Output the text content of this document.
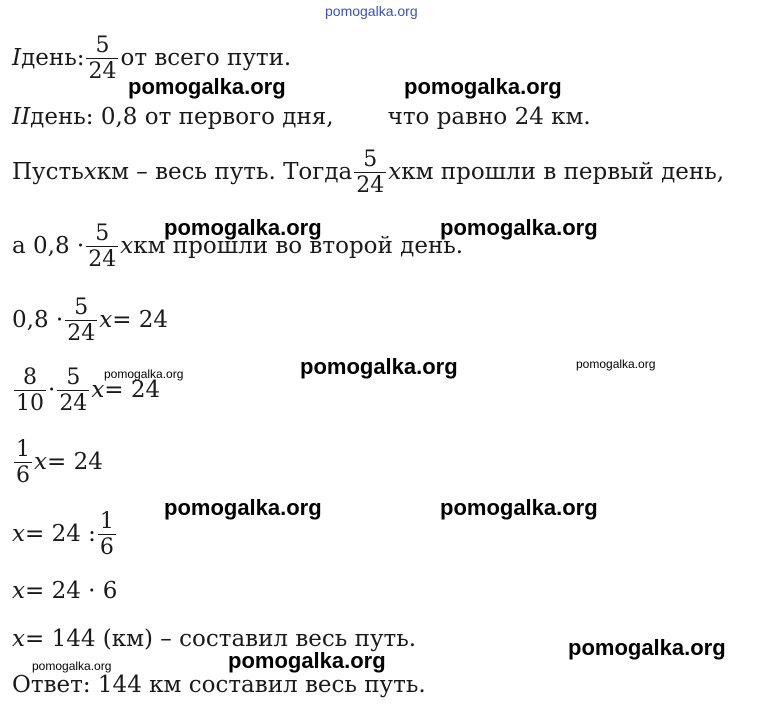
pomogalka.org
I день: $\frac{5}{24}$ от всего пути.
II день: 0,8 от первого дня, что равно 24 км.
Пусть x км – весь путь. Тогда $\frac{5}{24}$ x км прошли в первый день,
а $0,8 \cdot \frac{5}{24}$ x км прошли во второй день.
$0,8 \cdot \frac{5}{24}$ x = 24
$\frac{8}{10} \cdot \frac{5}{24}$ x = 24
$\frac{1}{6}$ x = 24
x = 24 : $\frac{1}{6}$
x = 24 · 6
x = 144 (км) – составил весь путь.
Ответ: 144 км составил весь путь.
pomogalka.org	pomogalka.org
pomogalka.org	pomogalka.org
pomogalka.org	pomogalka.org	pomogalka.org
pomogalka.org	pomogalka.org
pomogalka.org
pomogalka.org
pomogalka.org
